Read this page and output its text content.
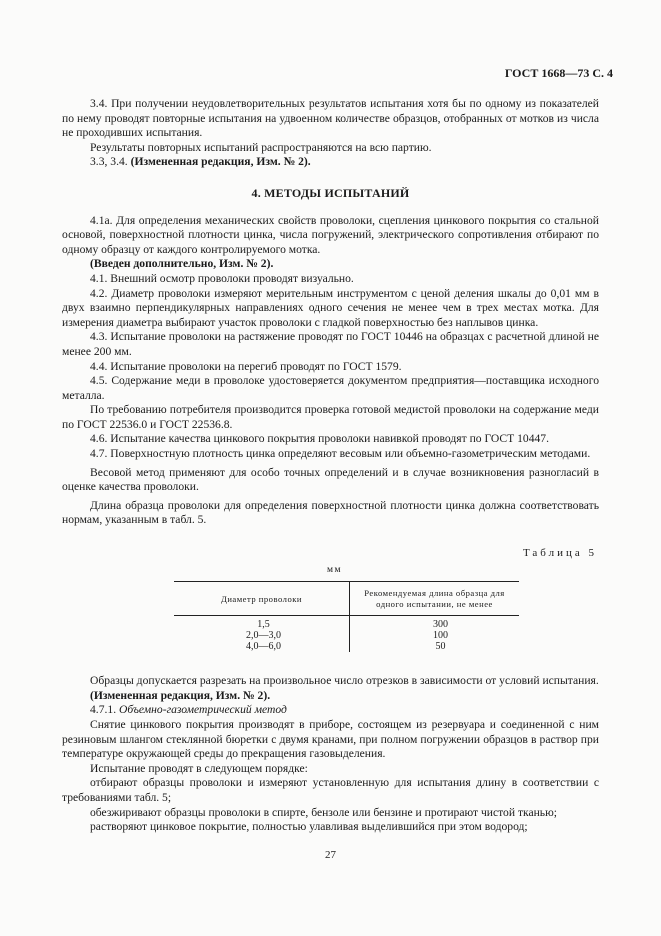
ГОСТ 1668—73 С. 4

3.4. При получении неудовлетворительных результатов испытания хотя бы по одному из показателей по нему проводят повторные испытания на удвоенном количестве образцов, отобранных от мотков из числа не проходивших испытания.

Результаты повторных испытаний распространяются на всю партию.

3.3, 3.4. (Измененная редакция, Изм. № 2).

4. МЕТОДЫ ИСПЫТАНИЙ

4.1а. Для определения механических свойств проволоки, сцепления цинкового покрытия со стальной основой, поверхностной плотности цинка, числа погружений, электрического сопротивления отбирают по одному образцу от каждого контролируемого мотка.

(Введен дополнительно, Изм. № 2).

4.1. Внешний осмотр проволоки проводят визуально.

4.2. Диаметр проволоки измеряют мерительным инструментом с ценой деления шкалы до 0,01 мм в двух взаимно перпендикулярных направлениях одного сечения не менее чем в трех местах мотка. Для измерения диаметра выбирают участок проволоки с гладкой поверхностью без наплывов цинка.

4.3. Испытание проволоки на растяжение проводят по ГОСТ 10446 на образцах с расчетной длиной не менее 200 мм.

4.4. Испытание проволоки на перегиб проводят по ГОСТ 1579.

4.5. Содержание меди в проволоке удостоверяется документом предприятия—поставщика исходного металла.

По требованию потребителя производится проверка готовой медистой проволоки на содержание меди по ГОСТ 22536.0 и ГОСТ 22536.8.

4.6. Испытание качества цинкового покрытия проволоки навивкой проводят по ГОСТ 10447.

4.7. Поверхностную плотность цинка определяют весовым или объемно-газометрическим методами.

Весовой метод применяют для особо точных определений и в случае возникновения разногласий в оценке качества проволоки.

Длина образца проволоки для определения поверхностной плотности цинка должна соответствовать нормам, указанным в табл. 5.

Таблица 5
мм
Диаметр проволоки	Рекомендуемая длина образца для одного испытании, не менее
1,5	300
2,0—3,0	100
4,0—6,0	50

Образцы допускается разрезать на произвольное число отрезков в зависимости от условий испытания.

(Измененная редакция, Изм. № 2).

4.7.1. Объемно-газометрический метод

Снятие цинкового покрытия производят в приборе, состоящем из резервуара и соединенной с ним резиновым шлангом стеклянной бюретки с двумя кранами, при полном погружении образцов в раствор при температуре окружающей среды до прекращения газовыделения.

Испытание проводят в следующем порядке:

отбирают образцы проволоки и измеряют установленную для испытания длину в соответствии с требованиями табл. 5;

обезжиривают образцы проволоки в спирте, бензоле или бензине и протирают чистой тканью;

растворяют цинковое покрытие, полностью улавливая выделившийся при этом водород;

27
